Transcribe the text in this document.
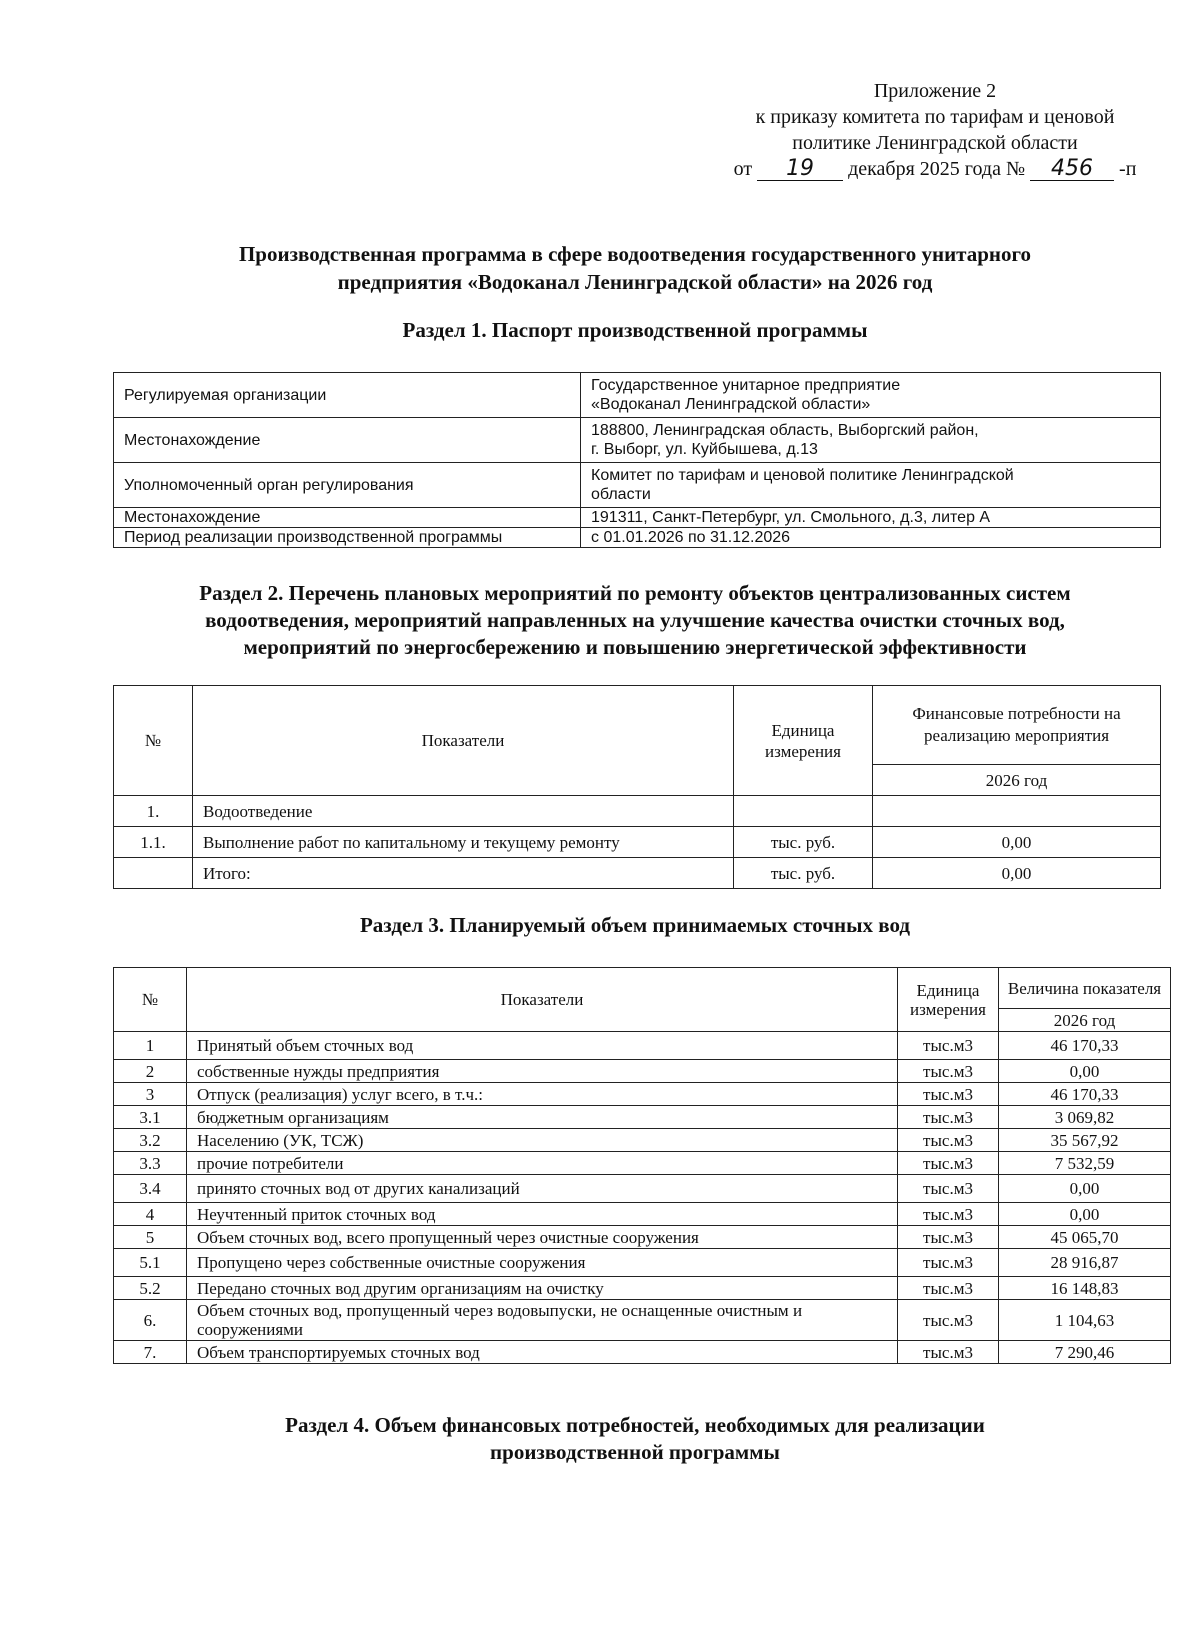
Приложение 2
к приказу комитета по тарифам и ценовой
политике Ленинградской области
от 19 декабря 2025 года № 456 -п
Производственная программа в сфере водоотведения государственного унитарного
предприятия «Водоканал Ленинградской области» на 2026 год
Раздел 1. Паспорт производственной программы
Регулируемая организации	Государственное унитарное предприятие
«Водоканал Ленинградской области»

Местонахождение	188800, Ленинградская область, Выборгский район,
г. Выборг, ул. Куйбышева, д.13

Уполномоченный орган регулирования	Комитет по тарифам и ценовой политике Ленинградской
области

Местонахождение	191311, Санкт-Петербург, ул. Смольного, д.3, литер А
Период реализации производственной программы	с 01.01.2026 по 31.12.2026
Раздел 2. Перечень плановых мероприятий по ремонту объектов централизованных систем
водоотведения, мероприятий направленных на улучшение качества очистки сточных вод,
мероприятий по энергосбережению и повышению энергетической эффективности
№	Показатели	Единица измерения	Финансовые потребности на реализацию мероприятия
			2026 год
1.	Водоотведение		
1.1.	Выполнение работ по капитальному и текущему ремонту	тыс. руб.	0,00
	Итого:	тыс. руб.	0,00
Раздел 3. Планируемый объем принимаемых сточных вод
№	Показатели	Единица измерения	Величина показателя
			2026 год
1	Принятый объем сточных вод	тыс.м3	46 170,33
2	собственные нужды предприятия	тыс.м3	0,00
3	Отпуск (реализация) услуг всего, в т.ч.:	тыс.м3	46 170,33
3.1	бюджетным организациям	тыс.м3	3 069,82
3.2	Населению (УК, ТСЖ)	тыс.м3	35 567,92
3.3	прочие потребители	тыс.м3	7 532,59
3.4	принято сточных вод от других канализаций	тыс.м3	0,00
4	Неучтенный приток сточных вод	тыс.м3	0,00
5	Объем сточных вод, всего пропущенный через очистные сооружения	тыс.м3	45 065,70
5.1	Пропущено через собственные очистные сооружения	тыс.м3	28 916,87
5.2	Передано сточных вод другим организациям на очистку	тыс.м3	16 148,83
6.	Объем сточных вод, пропущенный через водовыпуски, не оснащенные очистным и сооружениями	тыс.м3	1 104,63
7.	Объем транспортируемых сточных вод	тыс.м3	7 290,46
Раздел 4. Объем финансовых потребностей, необходимых для реализации
производственной программы
